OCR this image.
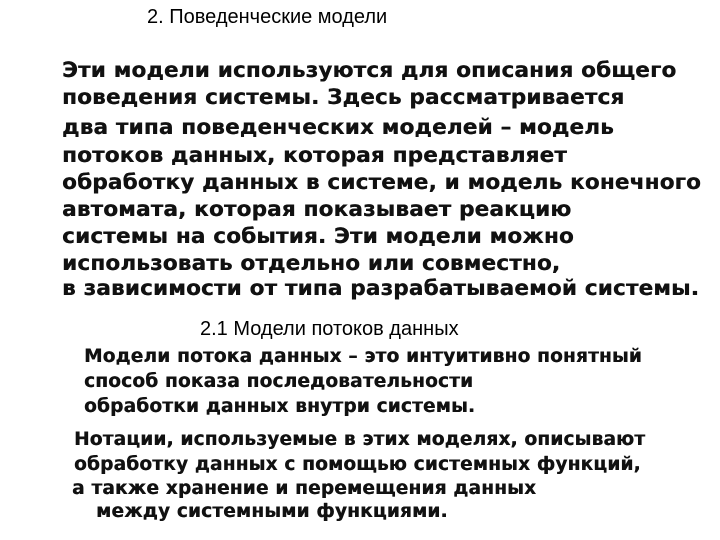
2. Поведенческие модели
Эти модели используются для описания общего
поведения системы. Здесь рассматривается
два типа поведенческих моделей – модель
потоков данных, которая представляет
обработку данных в системе, и модель конечного
автомата, которая показывает реакцию
системы на события. Эти модели можно
использовать отдельно или совместно,
в зависимости от типа разрабатываемой системы.
2.1 Модели потоков данных
Модели потока данных – это интуитивно понятный
способ показа последовательности
обработки данных внутри системы.
Нотации, используемые в этих моделях, описывают
обработку данных с помощью системных функций,
а также хранение и перемещения данных
между системными функциями.
